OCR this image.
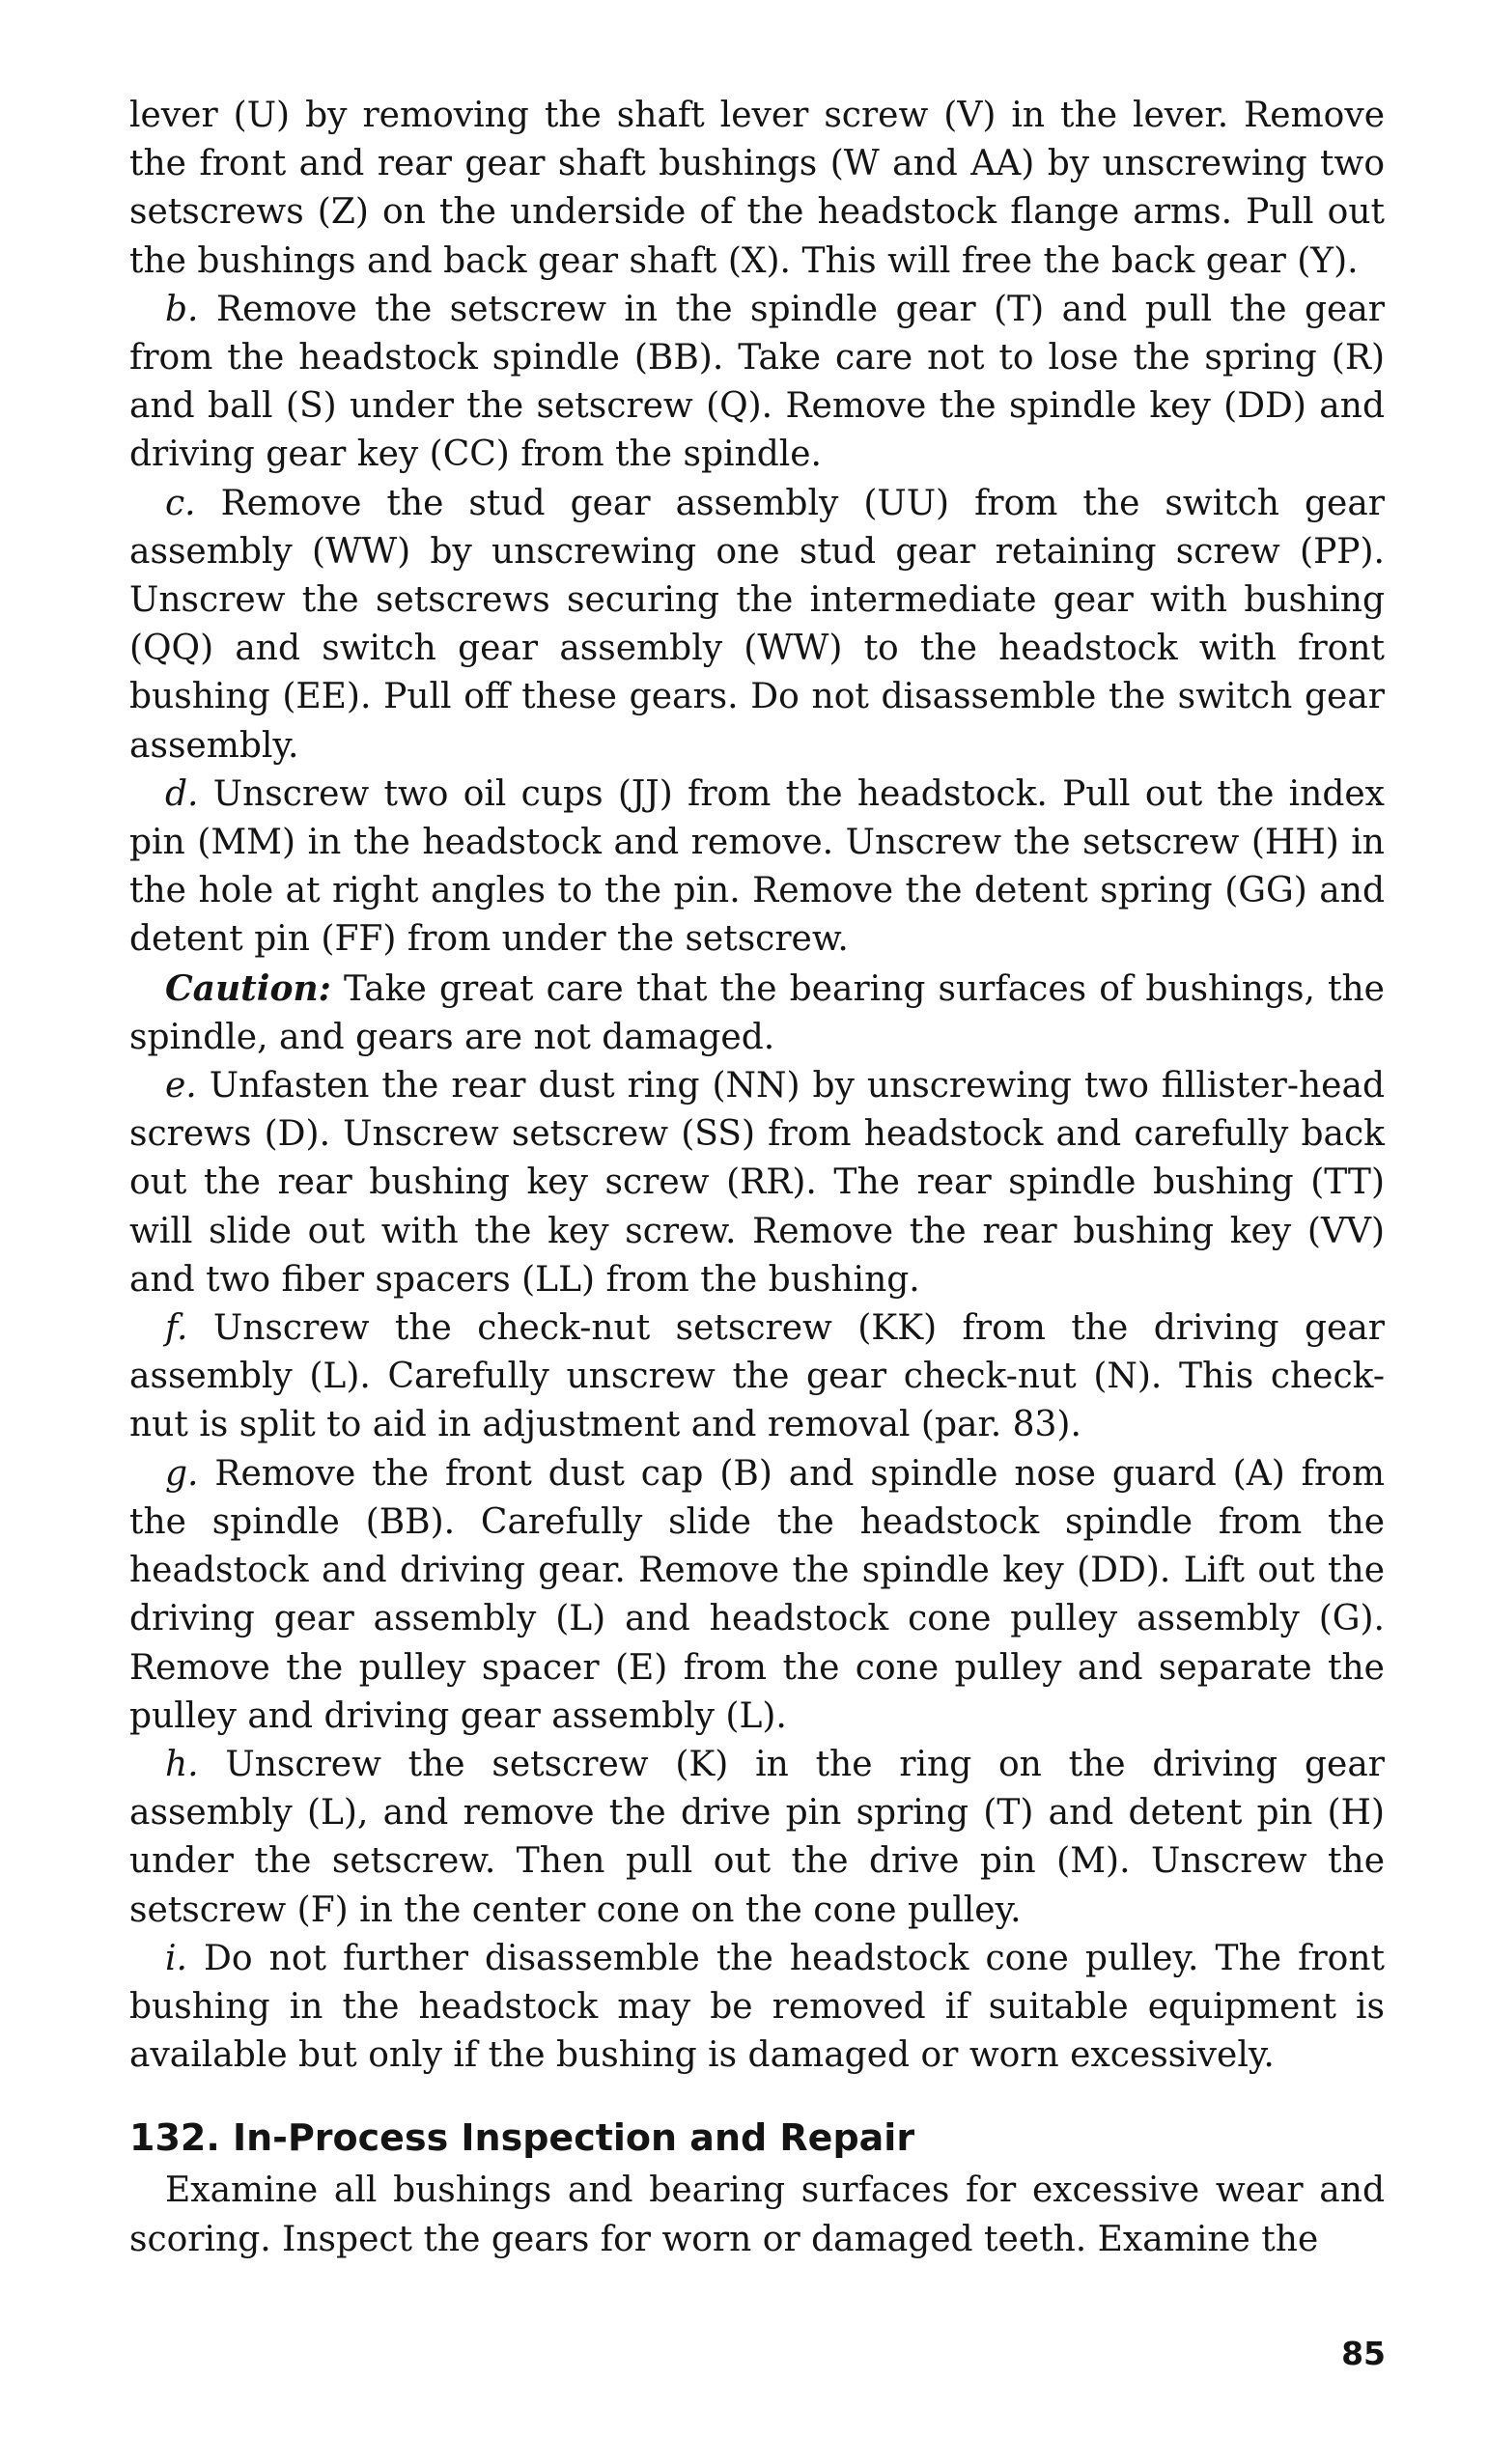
lever (U) by removing the shaft lever screw (V) in the lever. Remove the front and rear gear shaft bushings (W and AA) by unscrewing two setscrews (Z) on the underside of the headstock flange arms. Pull out the bushings and back gear shaft (X). This will free the back gear (Y).

b. Remove the setscrew in the spindle gear (T) and pull the gear from the headstock spindle (BB). Take care not to lose the spring (R) and ball (S) under the setscrew (Q). Remove the spindle key (DD) and driving gear key (CC) from the spindle.

c. Remove the stud gear assembly (UU) from the switch gear assembly (WW) by unscrewing one stud gear retaining screw (PP). Unscrew the setscrews securing the intermediate gear with bushing (QQ) and switch gear assembly (WW) to the headstock with front bushing (EE). Pull off these gears. Do not disassemble the switch gear assembly.

d. Unscrew two oil cups (JJ) from the headstock. Pull out the index pin (MM) in the headstock and remove. Unscrew the setscrew (HH) in the hole at right angles to the pin. Remove the detent spring (GG) and detent pin (FF) from under the setscrew.

Caution: Take great care that the bearing surfaces of bushings, the spindle, and gears are not damaged.

e. Unfasten the rear dust ring (NN) by unscrewing two fillister-head screws (D). Unscrew setscrew (SS) from headstock and carefully back out the rear bushing key screw (RR). The rear spindle bushing (TT) will slide out with the key screw. Remove the rear bushing key (VV) and two fiber spacers (LL) from the bushing.

f. Unscrew the check-nut setscrew (KK) from the driving gear assembly (L). Carefully unscrew the gear check-nut (N). This check-nut is split to aid in adjustment and removal (par. 83).

g. Remove the front dust cap (B) and spindle nose guard (A) from the spindle (BB). Carefully slide the headstock spindle from the headstock and driving gear. Remove the spindle key (DD). Lift out the driving gear assembly (L) and headstock cone pulley assembly (G). Remove the pulley spacer (E) from the cone pulley and separate the pulley and driving gear assembly (L).

h. Unscrew the setscrew (K) in the ring on the driving gear assembly (L), and remove the drive pin spring (T) and detent pin (H) under the setscrew. Then pull out the drive pin (M). Unscrew the setscrew (F) in the center cone on the cone pulley.

i. Do not further disassemble the headstock cone pulley. The front bushing in the headstock may be removed if suitable equipment is available but only if the bushing is damaged or worn excessively.

132. In-Process Inspection and Repair

Examine all bushings and bearing surfaces for excessive wear and scoring. Inspect the gears for worn or damaged teeth. Examine the

85
